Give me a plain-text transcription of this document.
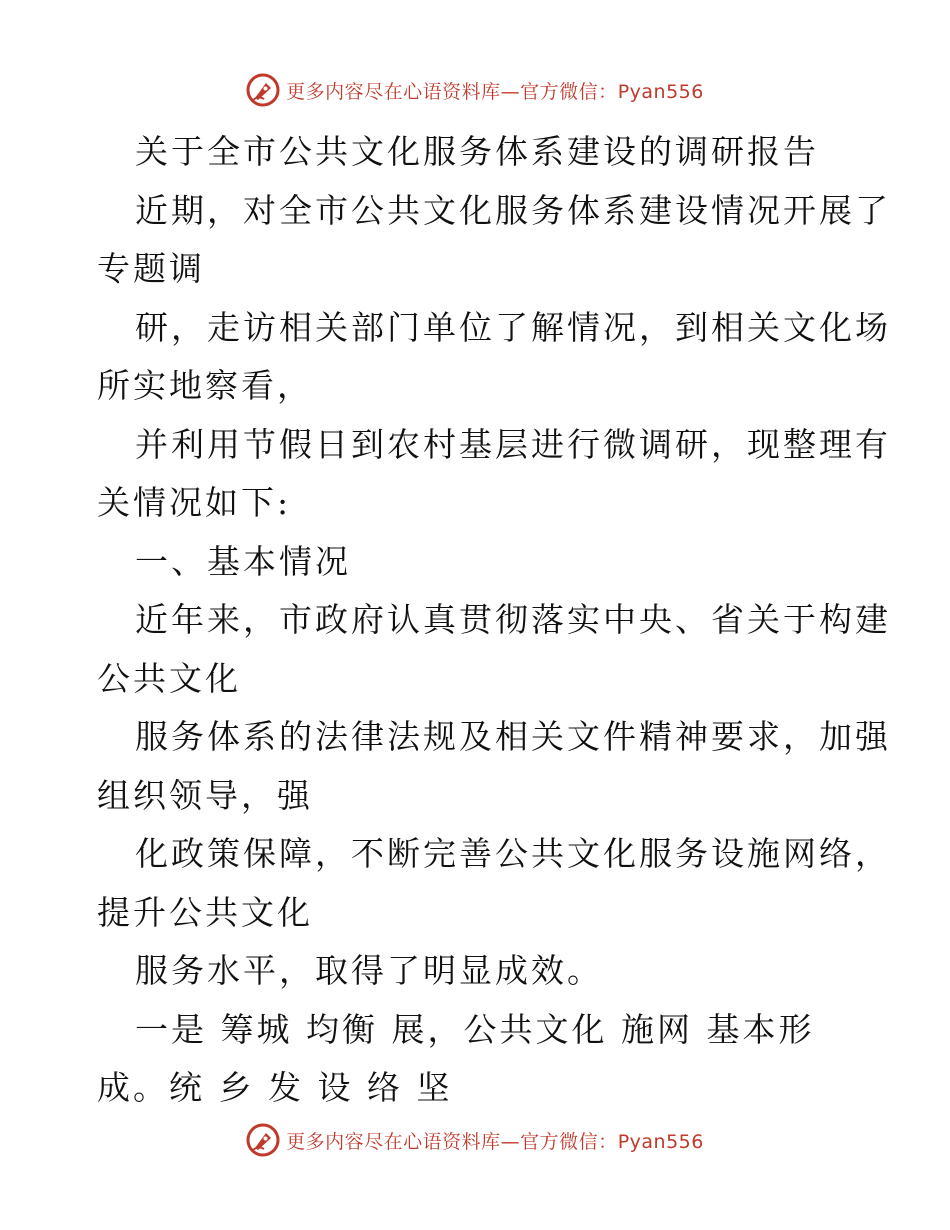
更多内容尽在心语资料库—官方微信：Pyan556
关于全市公共文化服务体系建设的调研报告
近期，对全市公共文化服务体系建设情况开展了
专题调
研，走访相关部门单位了解情况，到相关文化场
所实地察看，
并利用节假日到农村基层进行微调研，现整理有
关情况如下:
一、基本情况
近年来，市政府认真贯彻落实中央、省关于构建
公共文化
服务体系的法律法规及相关文件精神要求，加强
组织领导，强
化政策保障，不断完善公共文化服务设施网络，
提升公共文化
服务水平，取得了明显成效。
一是 筹城 均衡 展，公共文化 施网 基本形
成。统 乡 发 设 络 坚
更多内容尽在心语资料库—官方微信：Pyan556
